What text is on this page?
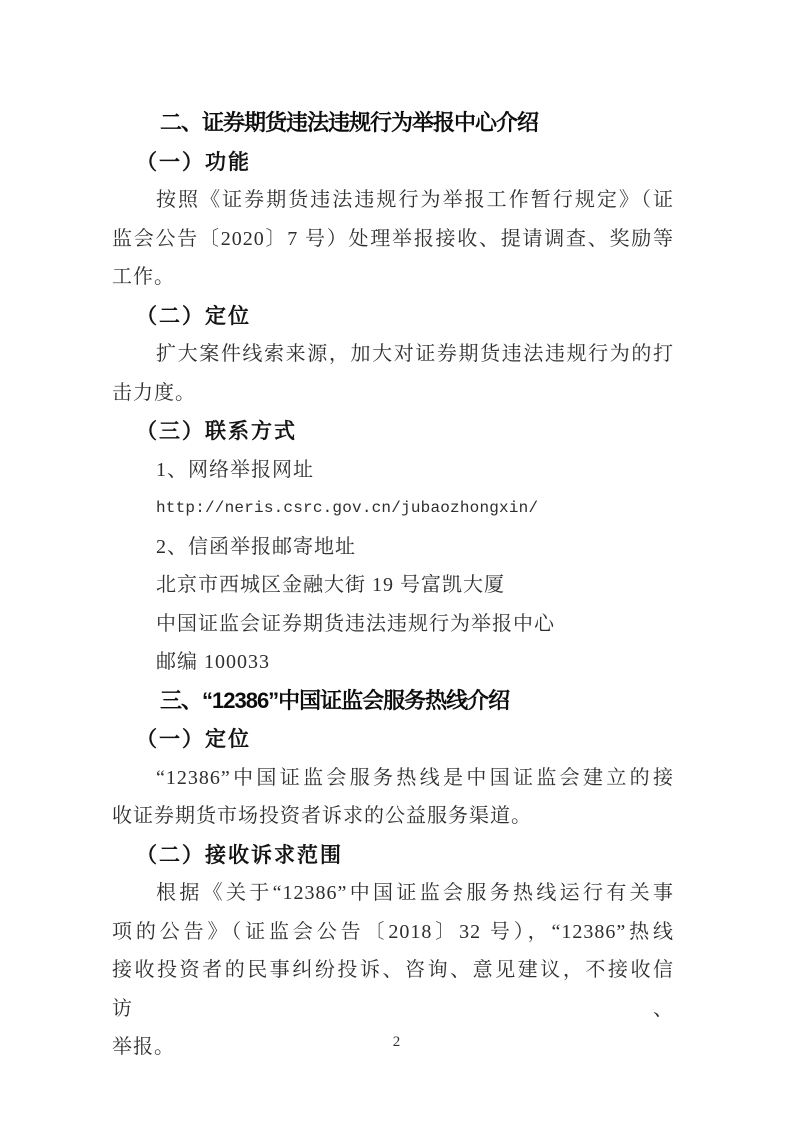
二、证券期货违法违规行为举报中心介绍
（一）功能
按照《证券期货违法违规行为举报工作暂行规定》（证
监会公告〔2020〕7 号）处理举报接收、提请调查、奖励等
工作。
（二）定位
扩大案件线索来源，加大对证券期货违法违规行为的打
击力度。
（三）联系方式
1、网络举报网址
http://neris.csrc.gov.cn/jubaozhongxin/
2、信函举报邮寄地址
北京市西城区金融大街 19 号富凯大厦
中国证监会证券期货违法违规行为举报中心
邮编 100033
三、“12386”中国证监会服务热线介绍
（一）定位
“12386”中国证监会服务热线是中国证监会建立的接
收证券期货市场投资者诉求的公益服务渠道。
（二）接收诉求范围
根据《关于“12386”中国证监会服务热线运行有关事
项的公告》（证监会公告〔2018〕32 号），“12386”热线
接收投资者的民事纠纷投诉、咨询、意见建议，不接收信访、
举报。	2
